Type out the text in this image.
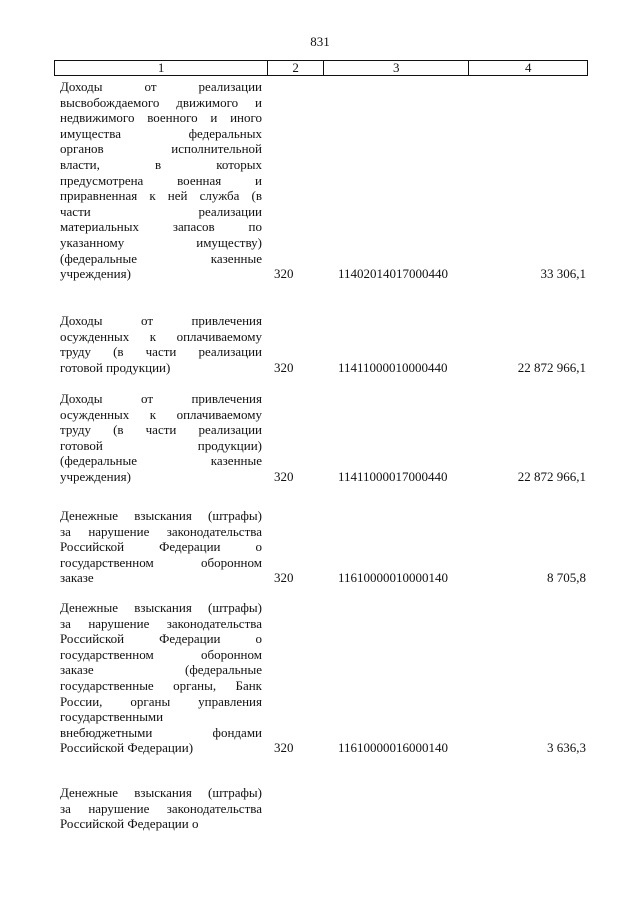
831
1	2	3	4
Доходы от реализации
высвобождаемого движимого и
недвижимого военного и иного
имущества федеральных
органов исполнительной
власти, в которых
предусмотрена военная и
приравненная к ней служба (в
части реализации
материальных запасов по
указанному имуществу)
(федеральные казенные
учреждения)	320	11402014017000440	33 306,1
Доходы от привлечения
осужденных к оплачиваемому
труду (в части реализации
готовой продукции)	320	11411000010000440	22 872 966,1
Доходы от привлечения
осужденных к оплачиваемому
труду (в части реализации
готовой продукции)
(федеральные казенные
учреждения)	320	11411000017000440	22 872 966,1
Денежные взыскания (штрафы)
за нарушение законодательства
Российской Федерации о
государственном оборонном
заказе	320	11610000010000140	8 705,8
Денежные взыскания (штрафы)
за нарушение законодательства
Российской Федерации о
государственном оборонном
заказе (федеральные
государственные органы, Банк
России, органы управления
государственными
внебюджетными фондами
Российской Федерации)	320	11610000016000140	3 636,3
Денежные взыскания (штрафы)
за нарушение законодательства
Российской Федерации о
